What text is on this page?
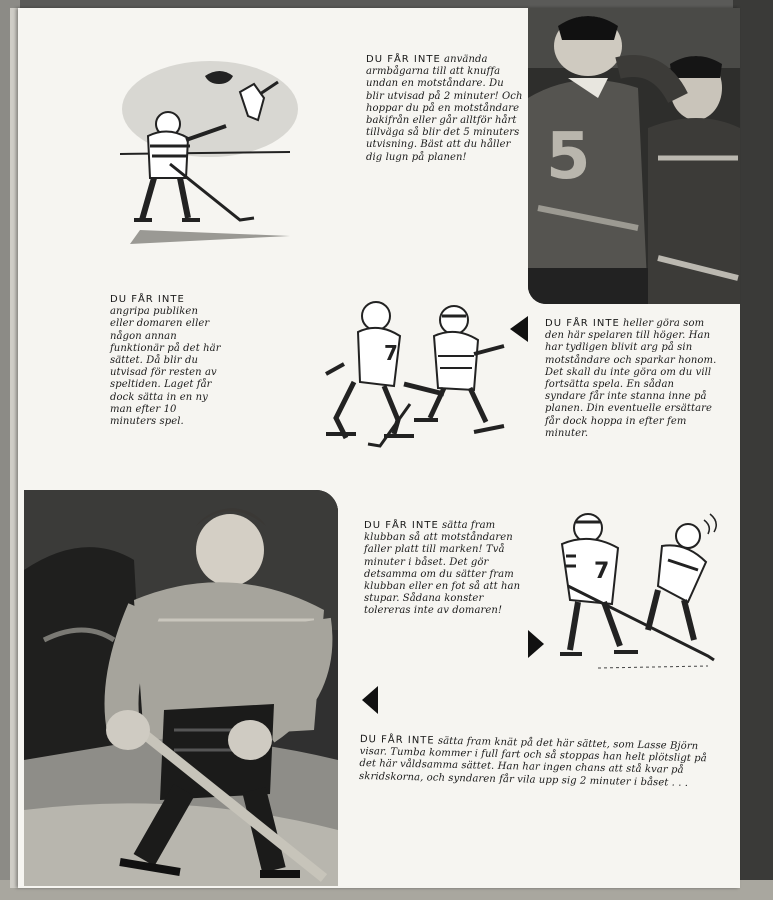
DU FÅR INTE använda armbågarna till att knuffa undan en motståndare. Du blir utvisad på 2 minuter! Och hoppar du på en motståndare bakifrån eller går alltför hårt tillväga så blir det 5 minuters utvisning. Bäst att du håller dig lugn på planen!	5
DU FÅR INTE angripa publiken eller domaren eller någon annan funktionär på det här sättet. Då blir du utvisad för resten av speltiden. Laget får dock sätta in en ny man efter 10 minuters spel.
7
DU FÅR INTE heller göra som den här spelaren till höger. Han har tydligen blivit arg på sin motståndare och sparkar honom. Det skall du inte göra om du vill fortsätta spela. En sådan syndare får inte stanna inne på planen. Din eventuelle ersättare får dock hoppa in efter fem minuter.
DU FÅR INTE sätta fram klubban så att motståndaren faller platt till marken! Två minuter i båset. Det gör detsamma om du sätter fram klubban eller en fot så att han stupar. Sådana konster tolereras inte av domaren!
7
DU FÅR INTE sätta fram knät på det här sättet, som Lasse Björn visar. Tumba kommer i full fart och så stoppas han helt plötsligt på det här våldsamma sättet. Han har ingen chans att stå kvar på skridskorna, och syndaren får vila upp sig 2 minuter i båset . . .
